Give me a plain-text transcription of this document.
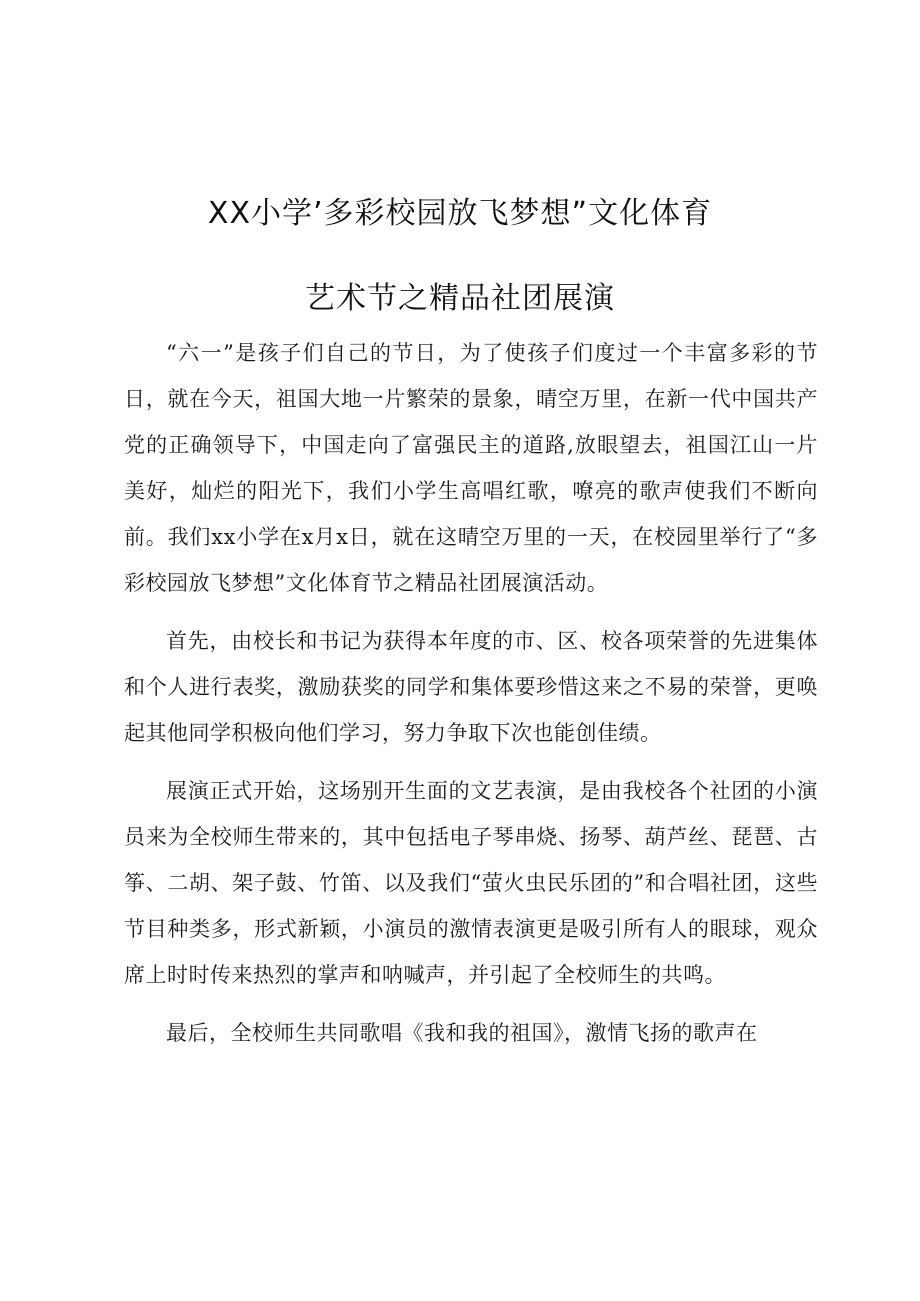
XX小学’多彩校园放飞梦想”文化体育
艺术节之精品社团展演

“六一”是孩子们自己的节日，为了使孩子们度过一个丰富多彩的节日，就在今天，祖国大地一片繁荣的景象，晴空万里，在新一代中国共产党的正确领导下，中国走向了富强民主的道路,放眼望去，祖国江山一片美好，灿烂的阳光下，我们小学生高唱红歌，嘹亮的歌声使我们不断向前。我们xx小学在x月x日，就在这晴空万里的一天，在校园里举行了“多彩校园放飞梦想”文化体育节之精品社团展演活动。

首先，由校长和书记为获得本年度的市、区、校各项荣誉的先进集体和个人进行表奖，激励获奖的同学和集体要珍惜这来之不易的荣誉，更唤起其他同学积极向他们学习，努力争取下次也能创佳绩。

展演正式开始，这场别开生面的文艺表演，是由我校各个社团的小演员来为全校师生带来的，其中包括电子琴串烧、扬琴、葫芦丝、琵琶、古筝、二胡、架子鼓、竹笛、以及我们“萤火虫民乐团的”和合唱社团，这些节目种类多，形式新颖，小演员的激情表演更是吸引所有人的眼球，观众席上时时传来热烈的掌声和呐喊声，并引起了全校师生的共鸣。

最后，全校师生共同歌唱《我和我的祖国》，激情飞扬的歌声在
